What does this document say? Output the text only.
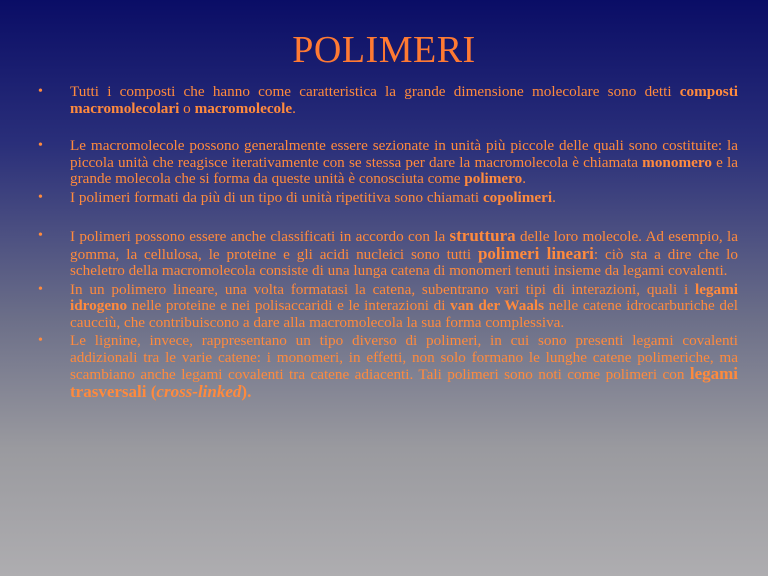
POLIMERI
• Tutti i composti che hanno come caratteristica la grande dimensione molecolare sono detti composti macromolecolari o macromolecole.
• Le macromolecole possono generalmente essere sezionate in unità più piccole delle quali sono costituite: la piccola unità che reagisce iterativamente con se stessa per dare la macromolecola è chiamata monomero e la grande molecola che si forma da queste unità è conosciuta come polimero.
• I polimeri formati da più di un tipo di unità ripetitiva sono chiamati copolimeri.
• I polimeri possono essere anche classificati in accordo con la struttura delle loro molecole. Ad esempio, la gomma, la cellulosa, le proteine e gli acidi nucleici sono tutti polimeri lineari: ciò sta a dire che lo scheletro della macromolecola consiste di una lunga catena di monomeri tenuti insieme da legami covalenti.
• In un polimero lineare, una volta formatasi la catena, subentrano vari tipi di interazioni, quali i legami idrogeno nelle proteine e nei polisaccaridi e le interazioni di van der Waals nelle catene idrocarburiche del caucciù, che contribuiscono a dare alla macromolecola la sua forma complessiva.
• Le lignine, invece, rappresentano un tipo diverso di polimeri, in cui sono presenti legami covalenti addizionali tra le varie catene: i monomeri, in effetti, non solo formano le lunghe catene polimeriche, ma scambiano anche legami covalenti tra catene adiacenti. Tali polimeri sono noti come polimeri con legami trasversali (cross-linked).
